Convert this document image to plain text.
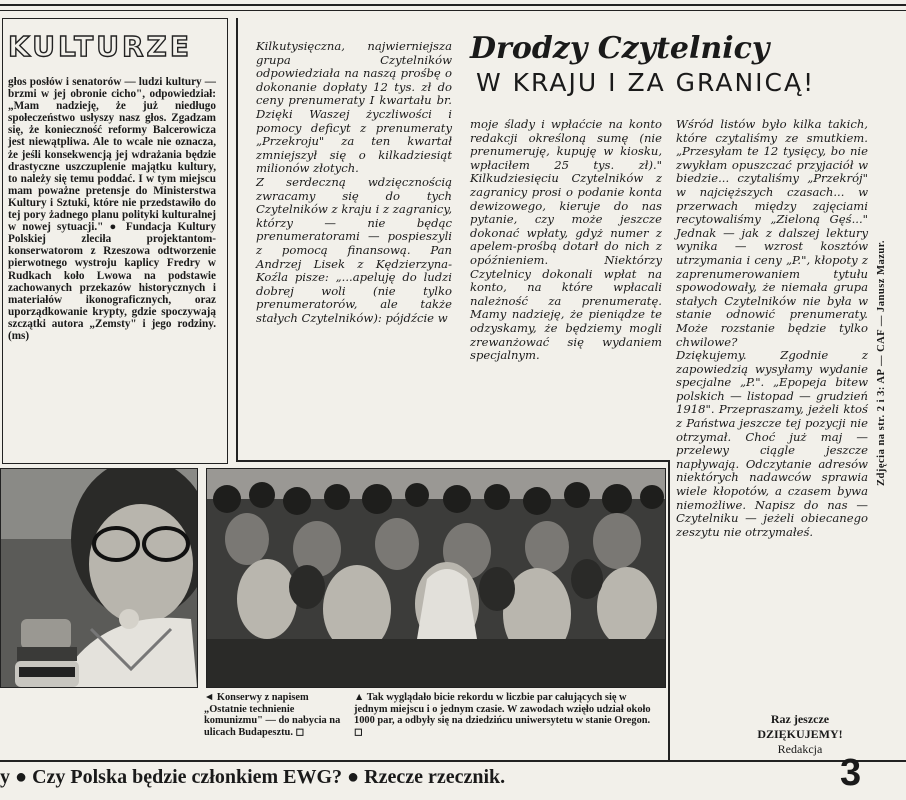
KULTURZE
głos posłów i senatorów — ludzi kultury — brzmi w jej obronie cicho", odpowiedział: „Mam nadzieję, że już niedługo społeczeństwo usłyszy nasz głos. Zgadzam się, że konieczność reformy Balcerowicza jest niewątpliwa. Ale to wcale nie oznacza, że jeśli konsekwencją jej wdrażania będzie drastyczne uszczuplenie majątku kultury, to należy się temu poddać. I w tym miejscu mam poważne pretensje do Ministerstwa Kultury i Sztuki, które nie przedstawiło do tej pory żadnego planu polityki kulturalnej w nowej sytuacji." ● Fundacja Kultury Polskiej zleciła projektantom-konserwatorom z Rzeszowa odtworzenie pierwotnego wystroju kaplicy Fredry w Rudkach koło Lwowa na podstawie zachowanych przekazów historycznych i materiałów ikonograficznych, oraz uporządkowanie krypty, gdzie spoczywają szczątki autora „Zemsty" i jego rodziny. (ms)
Kilkutysięczna, najwierniejsza grupa Czytelników odpowiedziała na naszą prośbę o dokonanie dopłaty 12 tys. zł do ceny prenumeraty I kwartału br. Dzięki Waszej życzliwości i pomocy deficyt z prenumeraty „Przekroju" za ten kwartał zmniejszył się o kilkadziesiąt milionów złotych.
Z serdeczną wdzięcznością zwracamy się do tych Czytelników z kraju i z zagranicy, którzy — nie będąc prenumeratorami — pospieszyli z pomocą finansową. Pan Andrzej Lisek z Kędzierzyna-Koźla pisze: „...apeluję do ludzi dobrej woli (nie tylko prenumeratorów, ale także stałych Czytelników): pójdźcie w
Drodzy Czytelnicy
W KRAJU I ZA GRANICĄ!
moje ślady i wpłaćcie na konto redakcji określoną sumę (nie prenumeruję, kupuję w kiosku, wpłaciłem 25 tys. zł)." Kilkudziesięciu Czytelników z zagranicy prosi o podanie konta dewizowego, kieruje do nas pytanie, czy może jeszcze dokonać wpłaty, gdyż numer z apelem-prośbą dotarł do nich z opóźnieniem. Niektórzy Czytelnicy dokonali wpłat na konto, na które wpłacali należność za prenumeratę. Mamy nadzieję, że pieniądze te odzyskamy, że będziemy mogli zrewanżować się wydaniem specjalnym.
Wśród listów było kilka takich, które czytaliśmy ze smutkiem. „Przesyłam te 12 tysięcy, bo nie zwykłam opuszczać przyjaciół w biedzie... czytaliśmy „Przekrój" w najcięższych czasach... w przerwach między zajęciami recytowaliśmy „Zieloną Gęś..." Jednak — jak z dalszej lektury wynika — wzrost kosztów utrzymania i ceny „P.", kłopoty z zaprenumerowaniem tytułu spowodowały, że niemała grupa stałych Czytelników nie była w stanie odnowić prenumeraty. Może rozstanie będzie tylko chwilowe?
Dziękujemy. Zgodnie z zapowiedzią wysyłamy wydanie specjalne „P.". „Epopeja bitew polskich — listopad — grudzień 1918". Przepraszamy, jeżeli ktoś z Państwa jeszcze tej pozycji nie otrzymał. Choć już maj — przelewy ciągle jeszcze napływają. Odczytanie adresów niektórych nadawców sprawia wiele kłopotów, a czasem bywa niemożliwe. Napisz do nas — Czytelniku — jeżeli obiecanego zeszytu nie otrzymałeś.
Raz jeszcze
DZIĘKUJEMY!
Redakcja
◄ Konserwy z napisem „Ostatnie technienie komunizmu" — do nabycia na ulicach Budapesztu. ◻
▲ Tak wyglądało bicie rekordu w liczbie par całujących się w jednym miejscu i o jednym czasie. W zawodach wzięło udział około 1000 par, a odbyły się na dziedzińcu uniwersytetu w stanie Oregon. ◻
Zdjęcia na str. 2 i 3: AP — CAF — Janusz Mazur.
y ● Czy Polska będzie członkiem EWG? ● Rzecze rzecznik.	3
